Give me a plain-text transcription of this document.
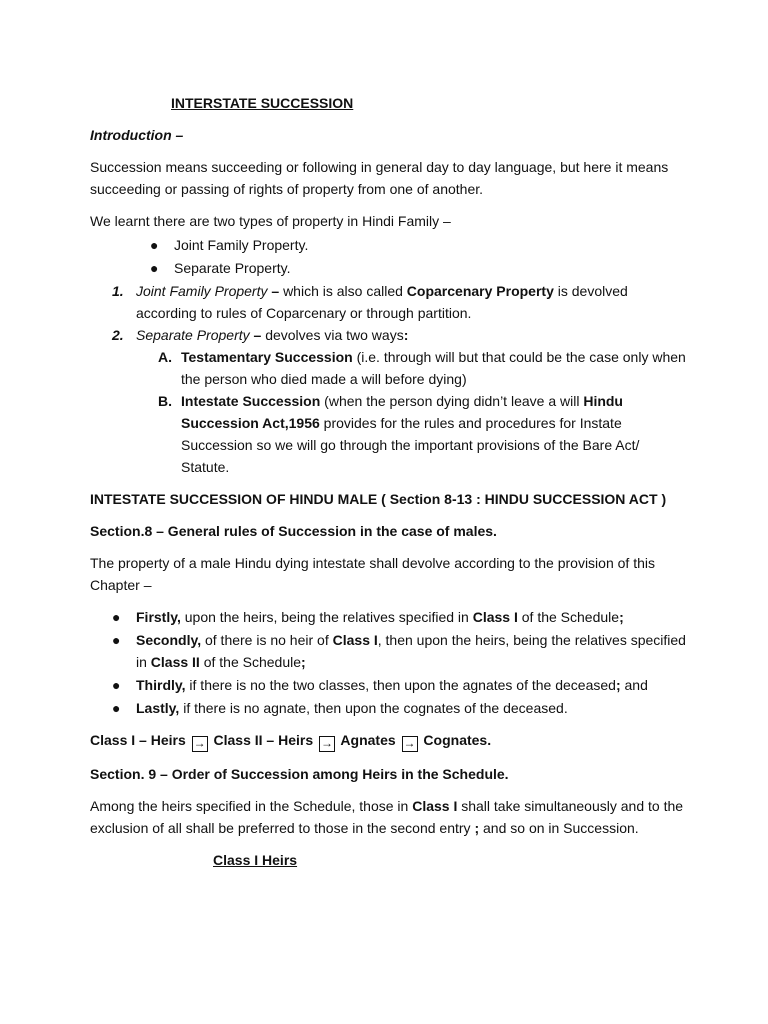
INTERSTATE SUCCESSION

Introduction –

Succession means succeeding or following in general day to day language, but here it means succeeding or passing of rights of property from one of another.

We learnt there are two types of property in Hindi Family –

● Joint Family Property.
● Separate Property.
1. Joint Family Property – which is also called Coparcenary Property is devolved according to rules of Coparcenary or through partition.
2. Separate Property – devolves via two ways:
A. Testamentary Succession (i.e. through will but that could be the case only when the person who died made a will before dying)
B. Intestate Succession (when the person dying didn’t leave a will Hindu Succession Act,1956 provides for the rules and procedures for Instate Succession so we will go through the important provisions of the Bare Act/ Statute.

INTESTATE SUCCESSION OF HINDU MALE ( Section 8-13 : HINDU SUCCESSION ACT )

Section.8 – General rules of Succession in the case of males.

The property of a male Hindu dying intestate shall devolve according to the provision of this Chapter –

● Firstly, upon the heirs, being the relatives specified in Class I of the Schedule;
● Secondly, of there is no heir of Class I, then upon the heirs, being the relatives specified in Class II of the Schedule;
● Thirdly, if there is no the two classes, then upon the agnates of the deceased; and
● Lastly, if there is no agnate, then upon the cognates of the deceased.

Class I – Heirs → Class II – Heirs → Agnates → Cognates.

Section. 9 – Order of Succession among Heirs in the Schedule.

Among the heirs specified in the Schedule, those in Class I shall take simultaneously and to the exclusion of all shall be preferred to those in the second entry ; and so on in Succession.

Class I Heirs
